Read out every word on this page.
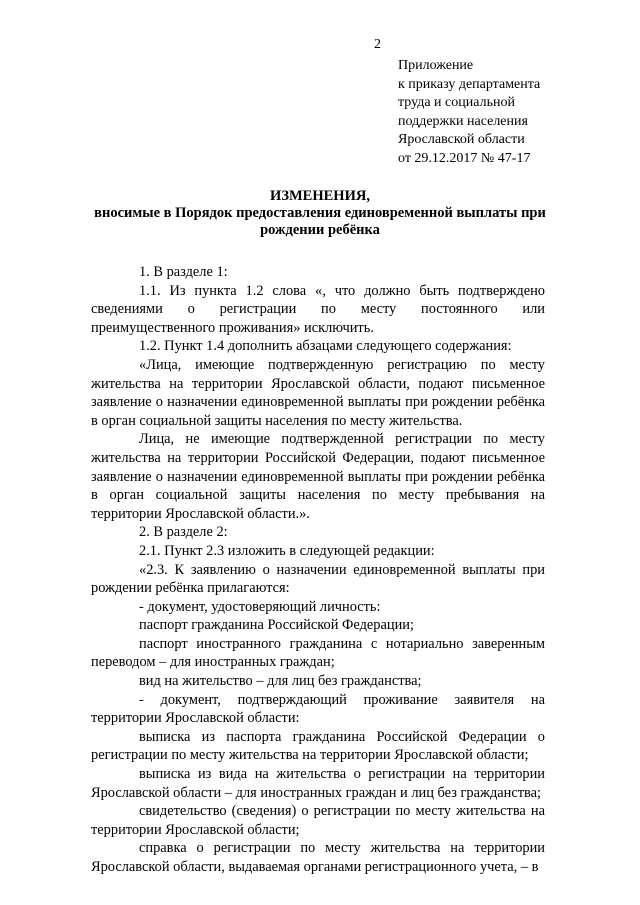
2
Приложение
к приказу департамента
труда и социальной
поддержки населения
Ярославской области
от 29.12.2017 № 47-17
ИЗМЕНЕНИЯ,
вносимые в Порядок предоставления единовременной выплаты при рождении ребёнка

1. В разделе 1:

1.1. Из пункта 1.2 слова «, что должно быть подтверждено сведениями о регистрации по месту постоянного или преимущественного проживания» исключить.

1.2. Пункт 1.4 дополнить абзацами следующего содержания:

«Лица, имеющие подтвержденную регистрацию по месту жительства на территории Ярославской области, подают письменное заявление о назначении единовременной выплаты при рождении ребёнка в орган социальной защиты населения по месту жительства.

Лица, не имеющие подтвержденной регистрации по месту жительства на территории Российской Федерации, подают письменное заявление о назначении единовременной выплаты при рождении ребёнка в орган социальной защиты населения по месту пребывания на территории Ярославской области.».

2. В разделе 2:

2.1. Пункт 2.3 изложить в следующей редакции:

«2.3. К заявлению о назначении единовременной выплаты при рождении ребёнка прилагаются:

- документ, удостоверяющий личность:

паспорт гражданина Российской Федерации;

паспорт иностранного гражданина с нотариально заверенным переводом – для иностранных граждан;

вид на жительство – для лиц без гражданства;

- документ, подтверждающий проживание заявителя на территории Ярославской области:

выписка из паспорта гражданина Российской Федерации о регистрации по месту жительства на территории Ярославской области;

выписка из вида на жительства о регистрации на территории Ярославской области – для иностранных граждан и лиц без гражданства;

свидетельство (сведения) о регистрации по месту жительства на территории Ярославской области;

справка о регистрации по месту жительства на территории Ярославской области, выдаваемая органами регистрационного учета, – в
